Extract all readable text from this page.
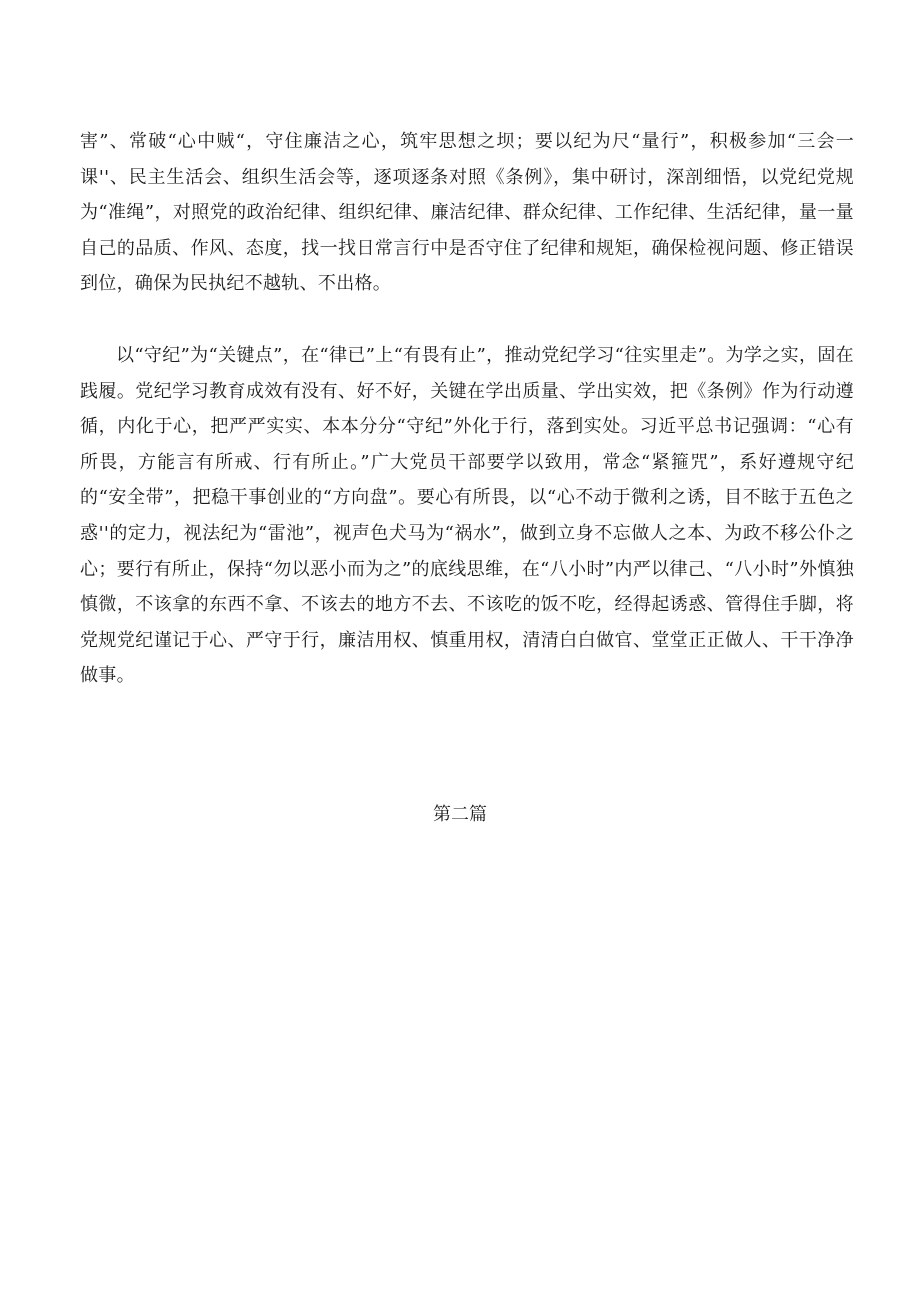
害”、常破“心中贼“，守住廉洁之心，筑牢思想之坝；要以纪为尺“量行”，积极参加“三会一课''、民主生活会、组织生活会等，逐项逐条对照《条例》，集中研讨，深剖细悟，以党纪党规为“准绳”，对照党的政治纪律、组织纪律、廉洁纪律、群众纪律、工作纪律、生活纪律，量一量自己的品质、作风、态度，找一找日常言行中是否守住了纪律和规矩，确保检视问题、修正错误到位，确保为民执纪不越轨、不出格。

以“守纪”为“关键点”，在“律已”上“有畏有止”，推动党纪学习“往实里走”。为学之实，固在践履。党纪学习教育成效有没有、好不好，关键在学出质量、学出实效，把《条例》作为行动遵循，内化于心，把严严实实、本本分分“守纪”外化于行，落到实处。习近平总书记强调：“心有所畏，方能言有所戒、行有所止。”广大党员干部要学以致用，常念“紧箍咒”，系好遵规守纪的“安全带”，把稳干事创业的“方向盘”。要心有所畏，以“心不动于微利之诱，目不眩于五色之惑''的定力，视法纪为“雷池”，视声色犬马为“祸水”，做到立身不忘做人之本、为政不移公仆之心；要行有所止，保持“勿以恶小而为之”的底线思维，在“八小时”内严以律己、“八小时”外慎独慎微，不该拿的东西不拿、不该去的地方不去、不该吃的饭不吃，经得起诱惑、管得住手脚，将党规党纪谨记于心、严守于行，廉洁用权、慎重用权，清清白白做官、堂堂正正做人、干干净净做事。

第二篇
